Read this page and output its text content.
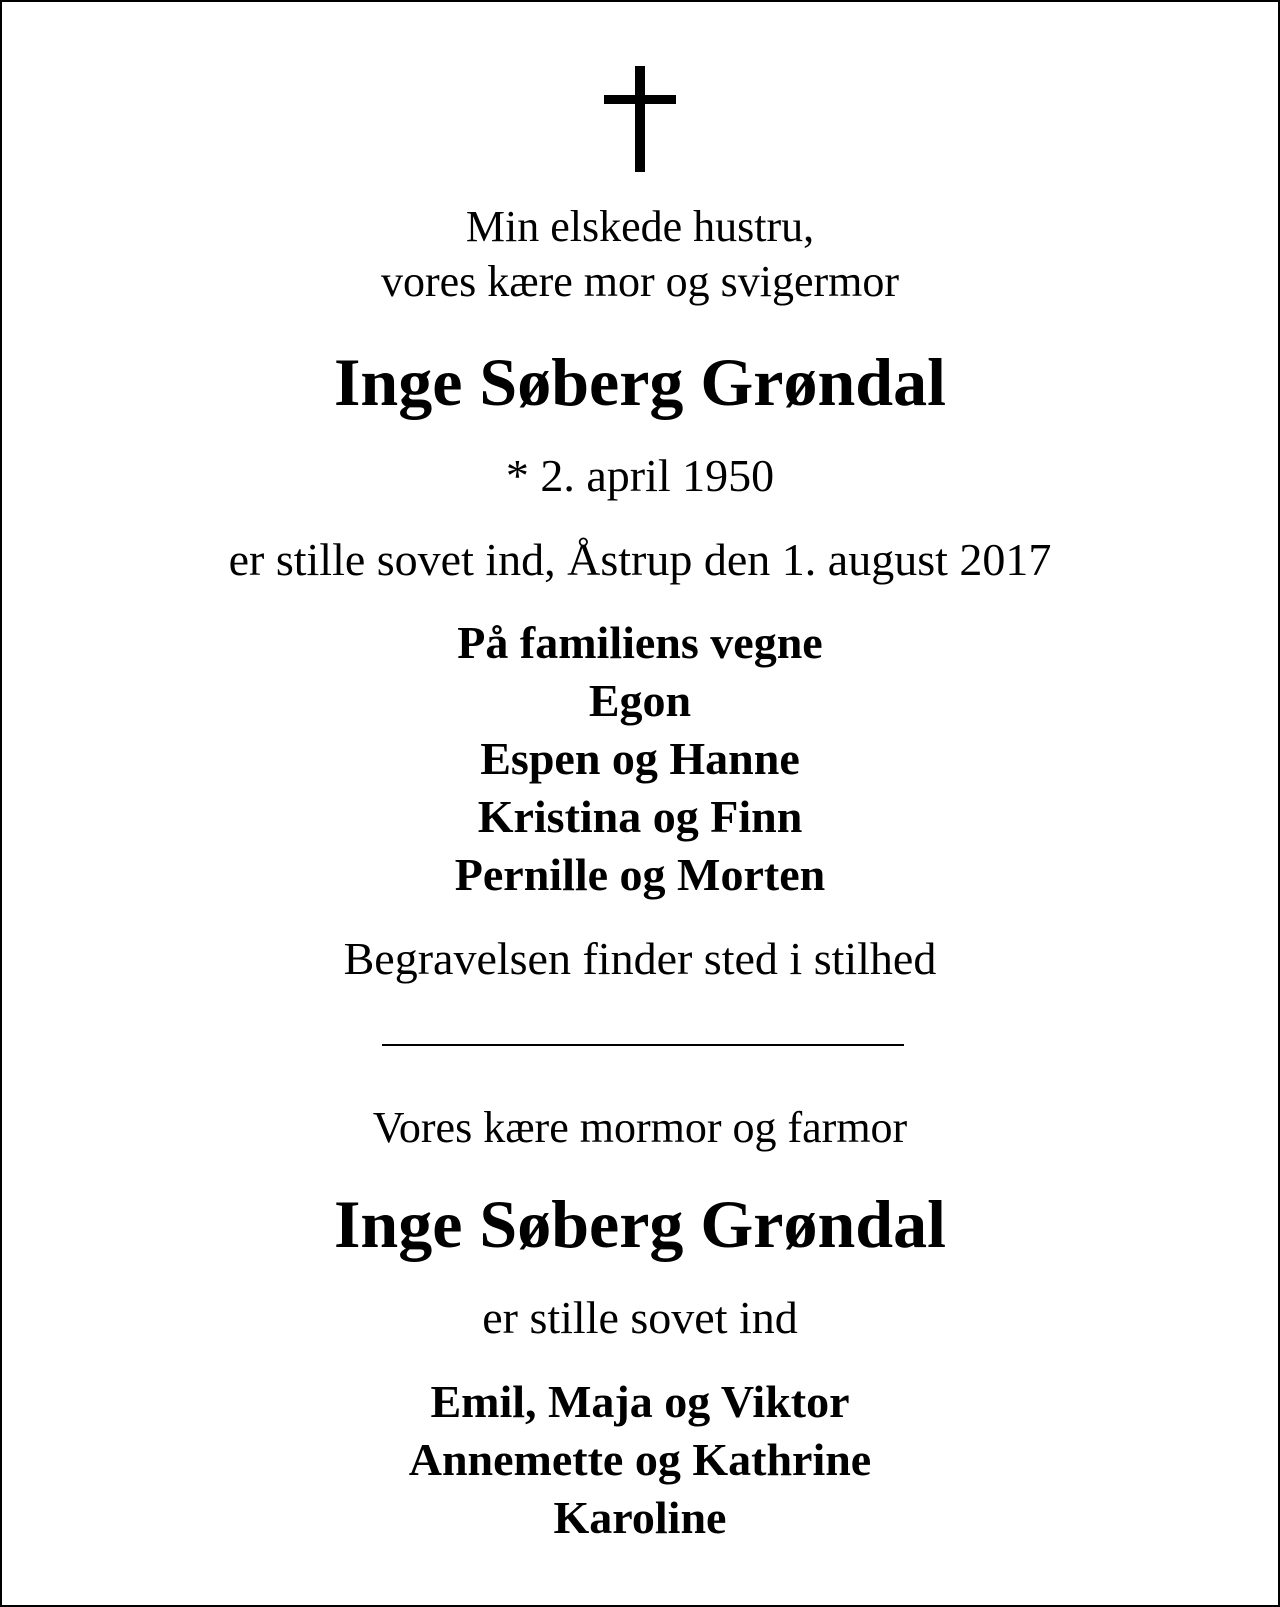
Min elskede hustru,
vores kære mor og svigermor
Inge Søberg Grøndal
* 2. april 1950
er stille sovet ind, Åstrup den 1. august 2017
På familiens vegne
Egon
Espen og Hanne
Kristina og Finn
Pernille og Morten
Begravelsen finder sted i stilhed
Vores kære mormor og farmor
Inge Søberg Grøndal
er stille sovet ind
Emil, Maja og Viktor
Annemette og Kathrine
Karoline
